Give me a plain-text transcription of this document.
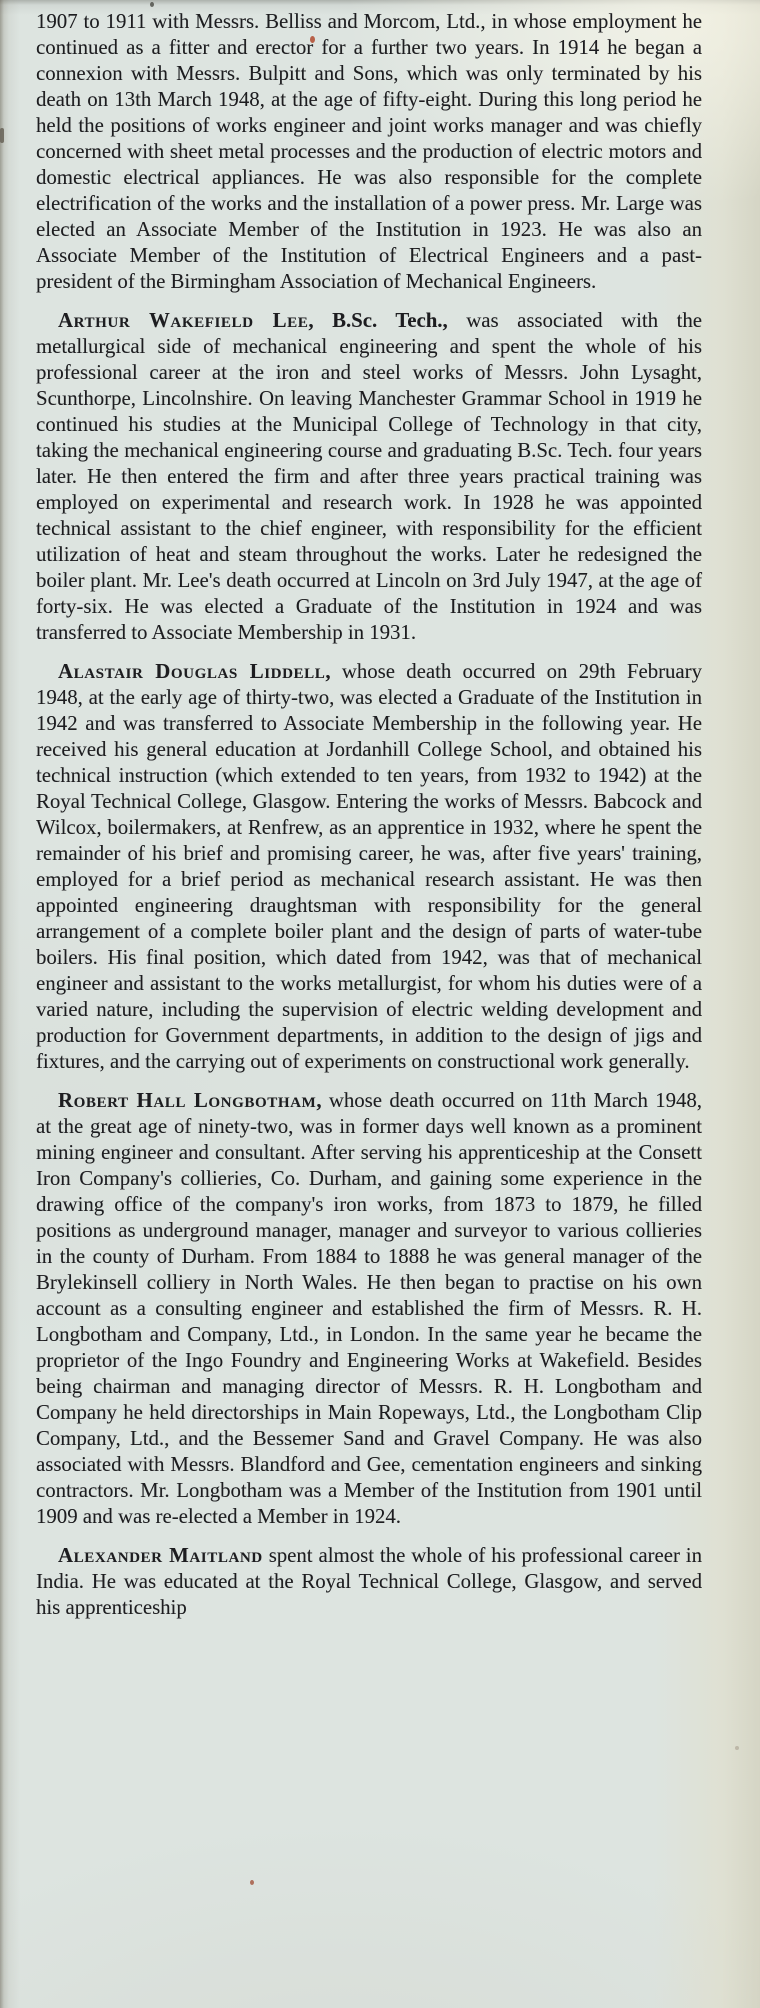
1907 to 1911 with Messrs. Belliss and Morcom, Ltd., in whose employment he continued as a fitter and erector for a further two years. In 1914 he began a connexion with Messrs. Bulpitt and Sons, which was only terminated by his death on 13th March 1948, at the age of fifty-eight. During this long period he held the positions of works engineer and joint works manager and was chiefly concerned with sheet metal processes and the production of electric motors and domestic electrical appliances. He was also responsible for the complete electrification of the works and the installation of a power press. Mr. Large was elected an Associate Member of the Institution in 1923. He was also an Associate Member of the Institution of Electrical Engineers and a past-president of the Birmingham Association of Mechanical Engineers.

Arthur Wakefield Lee, B.Sc. Tech., was associated with the metallurgical side of mechanical engineering and spent the whole of his professional career at the iron and steel works of Messrs. John Lysaght, Scunthorpe, Lincolnshire. On leaving Manchester Grammar School in 1919 he continued his studies at the Municipal College of Technology in that city, taking the mechanical engineering course and graduating B.Sc. Tech. four years later. He then entered the firm and after three years practical training was employed on experimental and research work. In 1928 he was appointed technical assistant to the chief engineer, with responsibility for the efficient utilization of heat and steam throughout the works. Later he redesigned the boiler plant. Mr. Lee's death occurred at Lincoln on 3rd July 1947, at the age of forty-six. He was elected a Graduate of the Institution in 1924 and was transferred to Associate Membership in 1931.

Alastair Douglas Liddell, whose death occurred on 29th February 1948, at the early age of thirty-two, was elected a Graduate of the Institution in 1942 and was transferred to Associate Membership in the following year. He received his general education at Jordanhill College School, and obtained his technical instruction (which extended to ten years, from 1932 to 1942) at the Royal Technical College, Glasgow. Entering the works of Messrs. Babcock and Wilcox, boilermakers, at Renfrew, as an apprentice in 1932, where he spent the remainder of his brief and promising career, he was, after five years' training, employed for a brief period as mechanical research assistant. He was then appointed engineering draughtsman with responsibility for the general arrangement of a complete boiler plant and the design of parts of water-tube boilers. His final position, which dated from 1942, was that of mechanical engineer and assistant to the works metallurgist, for whom his duties were of a varied nature, including the supervision of electric welding development and production for Government departments, in addition to the design of jigs and fixtures, and the carrying out of experiments on constructional work generally.

Robert Hall Longbotham, whose death occurred on 11th March 1948, at the great age of ninety-two, was in former days well known as a prominent mining engineer and consultant. After serving his apprenticeship at the Consett Iron Company's collieries, Co. Durham, and gaining some experience in the drawing office of the company's iron works, from 1873 to 1879, he filled positions as underground manager, manager and surveyor to various collieries in the county of Durham. From 1884 to 1888 he was general manager of the Brylekinsell colliery in North Wales. He then began to practise on his own account as a consulting engineer and established the firm of Messrs. R. H. Longbotham and Company, Ltd., in London. In the same year he became the proprietor of the Ingo Foundry and Engineering Works at Wakefield. Besides being chairman and managing director of Messrs. R. H. Longbotham and Company he held directorships in Main Ropeways, Ltd., the Longbotham Clip Company, Ltd., and the Bessemer Sand and Gravel Company. He was also associated with Messrs. Blandford and Gee, cementation engineers and sinking contractors. Mr. Longbotham was a Member of the Institution from 1901 until 1909 and was re-elected a Member in 1924.

Alexander Maitland spent almost the whole of his professional career in India. He was educated at the Royal Technical College, Glasgow, and served his apprenticeship
